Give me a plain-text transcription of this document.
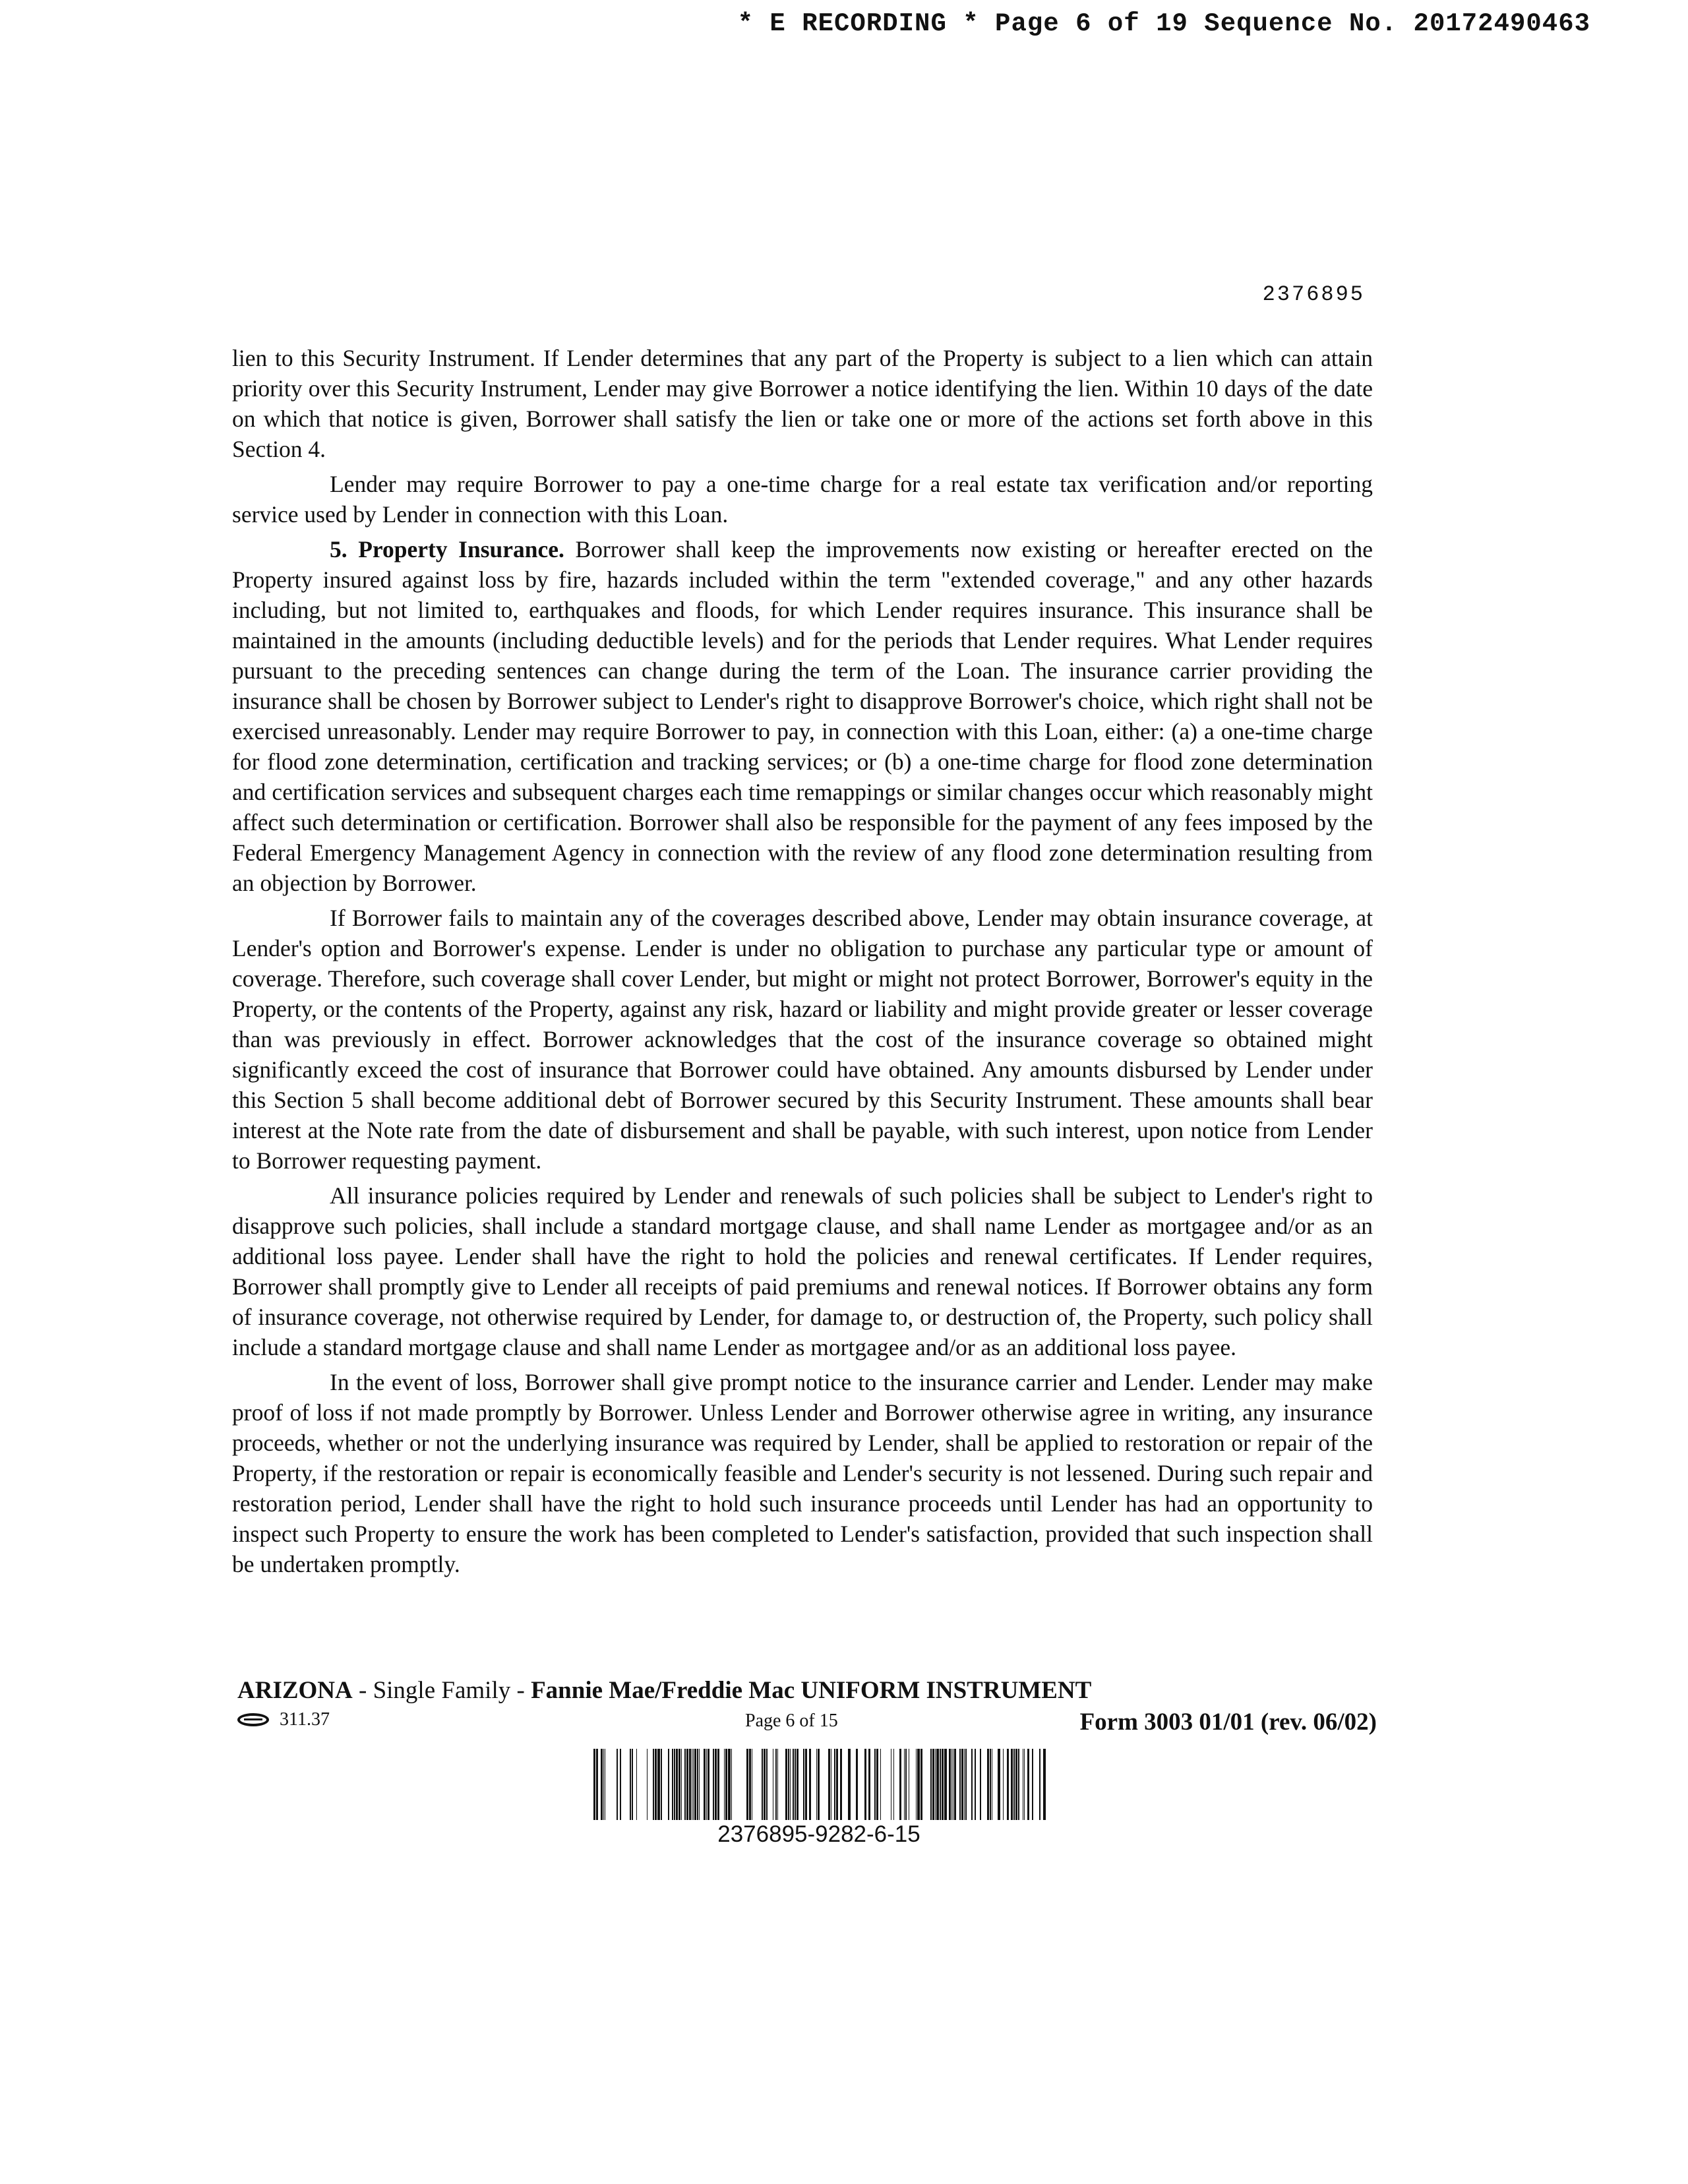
* E RECORDING * Page 6 of 19 Sequence No. 20172490463
2376895

lien to this Security Instrument. If Lender determines that any part of the Property is subject to a lien which can attain priority over this Security Instrument, Lender may give Borrower a notice identifying the lien. Within 10 days of the date on which that notice is given, Borrower shall satisfy the lien or take one or more of the actions set forth above in this Section 4.

Lender may require Borrower to pay a one-time charge for a real estate tax verification and/or reporting service used by Lender in connection with this Loan.

5. Property Insurance. Borrower shall keep the improvements now existing or hereafter erected on the Property insured against loss by fire, hazards included within the term "extended coverage," and any other hazards including, but not limited to, earthquakes and floods, for which Lender requires insurance. This insurance shall be maintained in the amounts (including deductible levels) and for the periods that Lender requires. What Lender requires pursuant to the preceding sentences can change during the term of the Loan. The insurance carrier providing the insurance shall be chosen by Borrower subject to Lender's right to disapprove Borrower's choice, which right shall not be exercised unreasonably. Lender may require Borrower to pay, in connection with this Loan, either: (a) a one-time charge for flood zone determination, certification and tracking services; or (b) a one-time charge for flood zone determination and certification services and subsequent charges each time remappings or similar changes occur which reasonably might affect such determination or certification. Borrower shall also be responsible for the payment of any fees imposed by the Federal Emergency Management Agency in connection with the review of any flood zone determination resulting from an objection by Borrower.

If Borrower fails to maintain any of the coverages described above, Lender may obtain insurance coverage, at Lender's option and Borrower's expense. Lender is under no obligation to purchase any particular type or amount of coverage. Therefore, such coverage shall cover Lender, but might or might not protect Borrower, Borrower's equity in the Property, or the contents of the Property, against any risk, hazard or liability and might provide greater or lesser coverage than was previously in effect. Borrower acknowledges that the cost of the insurance coverage so obtained might significantly exceed the cost of insurance that Borrower could have obtained. Any amounts disbursed by Lender under this Section 5 shall become additional debt of Borrower secured by this Security Instrument. These amounts shall bear interest at the Note rate from the date of disbursement and shall be payable, with such interest, upon notice from Lender to Borrower requesting payment.

All insurance policies required by Lender and renewals of such policies shall be subject to Lender's right to disapprove such policies, shall include a standard mortgage clause, and shall name Lender as mortgagee and/or as an additional loss payee. Lender shall have the right to hold the policies and renewal certificates. If Lender requires, Borrower shall promptly give to Lender all receipts of paid premiums and renewal notices. If Borrower obtains any form of insurance coverage, not otherwise required by Lender, for damage to, or destruction of, the Property, such policy shall include a standard mortgage clause and shall name Lender as mortgagee and/or as an additional loss payee.

In the event of loss, Borrower shall give prompt notice to the insurance carrier and Lender. Lender may make proof of loss if not made promptly by Borrower. Unless Lender and Borrower otherwise agree in writing, any insurance proceeds, whether or not the underlying insurance was required by Lender, shall be applied to restoration or repair of the Property, if the restoration or repair is economically feasible and Lender's security is not lessened. During such repair and restoration period, Lender shall have the right to hold such insurance proceeds until Lender has had an opportunity to inspect such Property to ensure the work has been completed to Lender's satisfaction, provided that such inspection shall be undertaken promptly.

ARIZONA - Single Family - Fannie Mae/Freddie Mac UNIFORM INSTRUMENT
311.37	Page 6 of 15	Form 3003 01/01 (rev. 06/02)
2376895-9282-6-15
